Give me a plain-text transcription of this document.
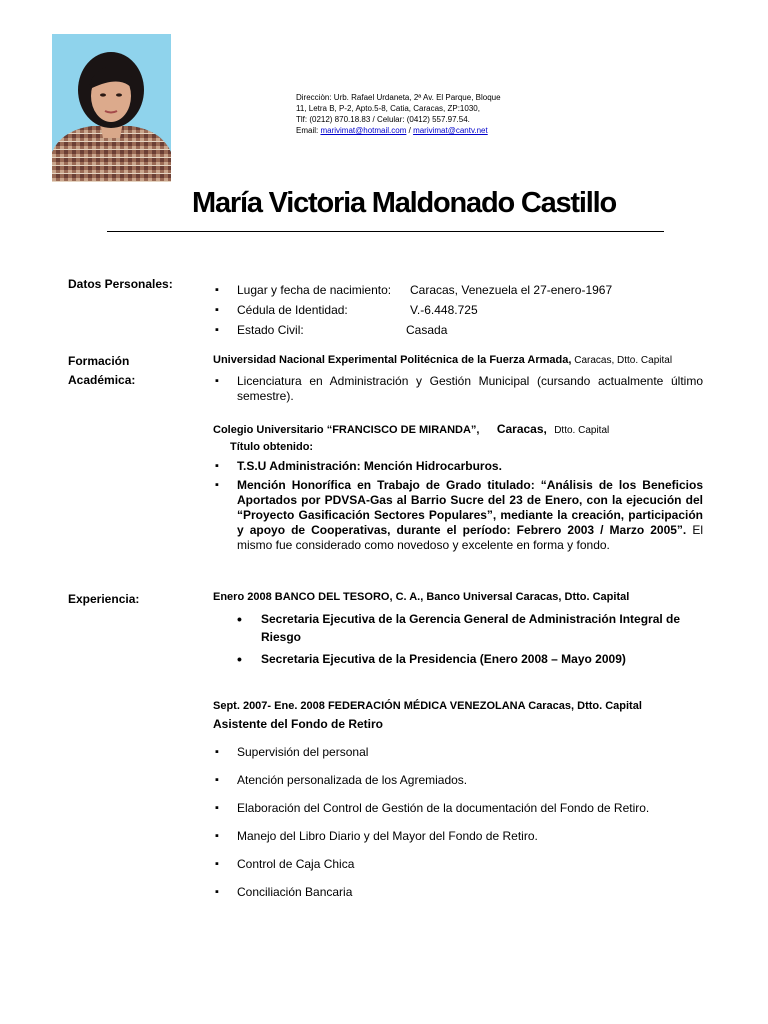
Direcciòn: Urb. Rafael Urdaneta, 2ª Av. El Parque, Bloque
11, Letra B, P-2, Apto.5-8, Catia, Caracas, ZP:1030,
Tlf: (0212) 870.18.83 / Celular: (0412) 557.97.54.
Email: marivimat@hotmail.com / marivimat@cantv.net
María Victoria Maldonado Castillo
Datos Personales:
▪	Lugar y fecha de nacimiento:	Caracas, Venezuela el 27-enero-1967
▪ Cédula de Identidad:	V.-6.448.725
▪ Estado Civil:	Casada
Formación
Académica:
Universidad Nacional Experimental Politécnica de la Fuerza Armada, Caracas, Dtto. Capital
▪ Licenciatura en Administración y Gestión Municipal (cursando actualmente último semestre).
Colegio Universitario “FRANCISCO DE MIRANDA”, Caracas, Dtto. Capital
Título obtenido:
▪ T.S.U Administración: Mención Hidrocarburos.
▪ Mención Honorífica en Trabajo de Grado titulado: “Análisis de los Beneficios Aportados por PDVSA-Gas al Barrio Sucre del 23 de Enero, con la ejecución del “Proyecto Gasificación Sectores Populares”, mediante la creación, participación y apoyo de Cooperativas, durante el período: Febrero 2003 / Marzo 2005”. El mismo fue considerado como novedoso y excelente en forma y fondo.
Experiencia:	Enero 2008 BANCO DEL TESORO, C. A., Banco Universal Caracas, Dtto. Capital
• Secretaria Ejecutiva de la Gerencia General de Administración Integral de Riesgo
• Secretaria Ejecutiva de la Presidencia (Enero 2008 – Mayo 2009)
Sept. 2007- Ene. 2008 FEDERACIÓN MÉDICA VENEZOLANA Caracas, Dtto. Capital
Asistente del Fondo de Retiro
▪ Supervisión del personal
▪ Atención personalizada de los Agremiados.
▪ Elaboración del Control de Gestión de la documentación del Fondo de Retiro.
▪ Manejo del Libro Diario y del Mayor del Fondo de Retiro.
▪ Control de Caja Chica
▪ Conciliación Bancaria
